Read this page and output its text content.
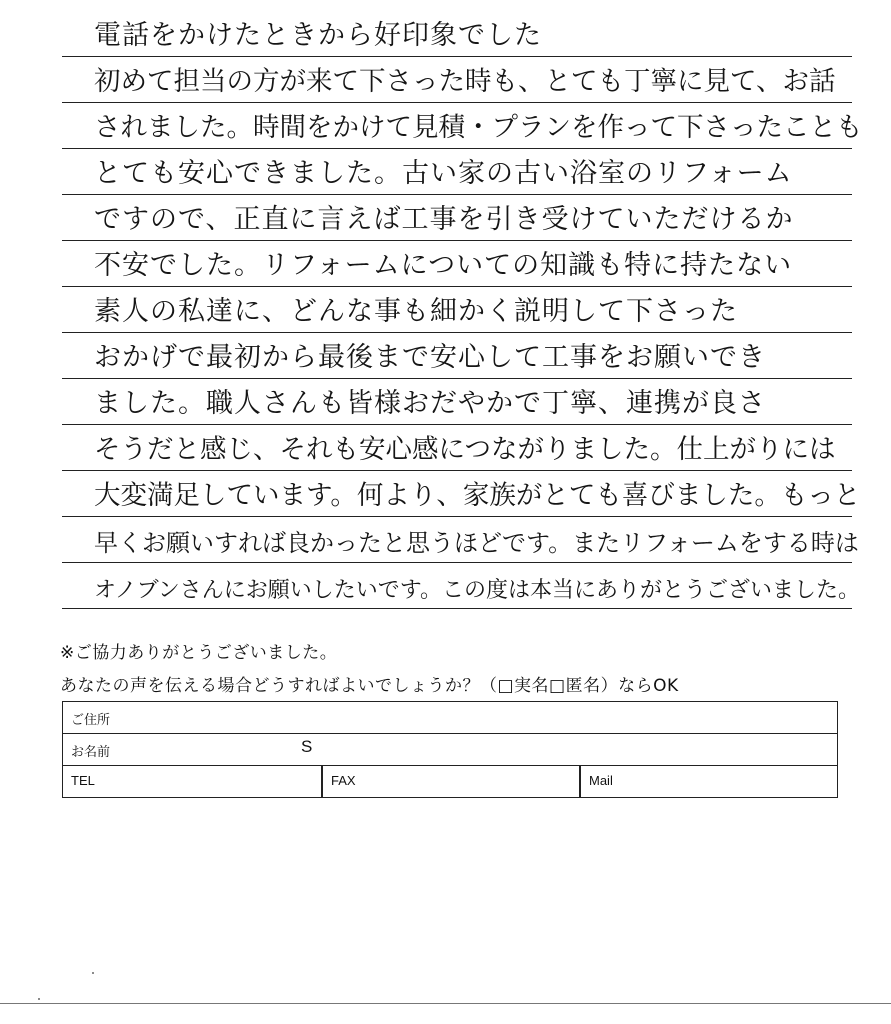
電話をかけたときから好印象でした
初めて担当の方が来て下さった時も、とても丁寧に見て、お話
されました。時間をかけて見積・プランを作って下さったことも
とても安心できました。古い家の古い浴室のリフォーム
ですので、正直に言えば工事を引き受けていただけるか
不安でした。リフォームについての知識も特に持たない
素人の私達に、どんな事も細かく説明して下さった
おかげで最初から最後まで安心して工事をお願いでき
ました。職人さんも皆様おだやかで丁寧、連携が良さ
そうだと感じ、それも安心感につながりました。仕上がりには
大変満足しています。何より、家族がとても喜びました。もっと
早くお願いすれば良かったと思うほどです。またリフォームをする時は
オノブンさんにお願いしたいです。この度は本当にありがとうございました。
※ご協力ありがとうございました。
あなたの声を伝える場合どうすればよいでしょうか？（□実名□匿名）ならOK
ご住所
お名前	S
TEL	FAX	Mail
